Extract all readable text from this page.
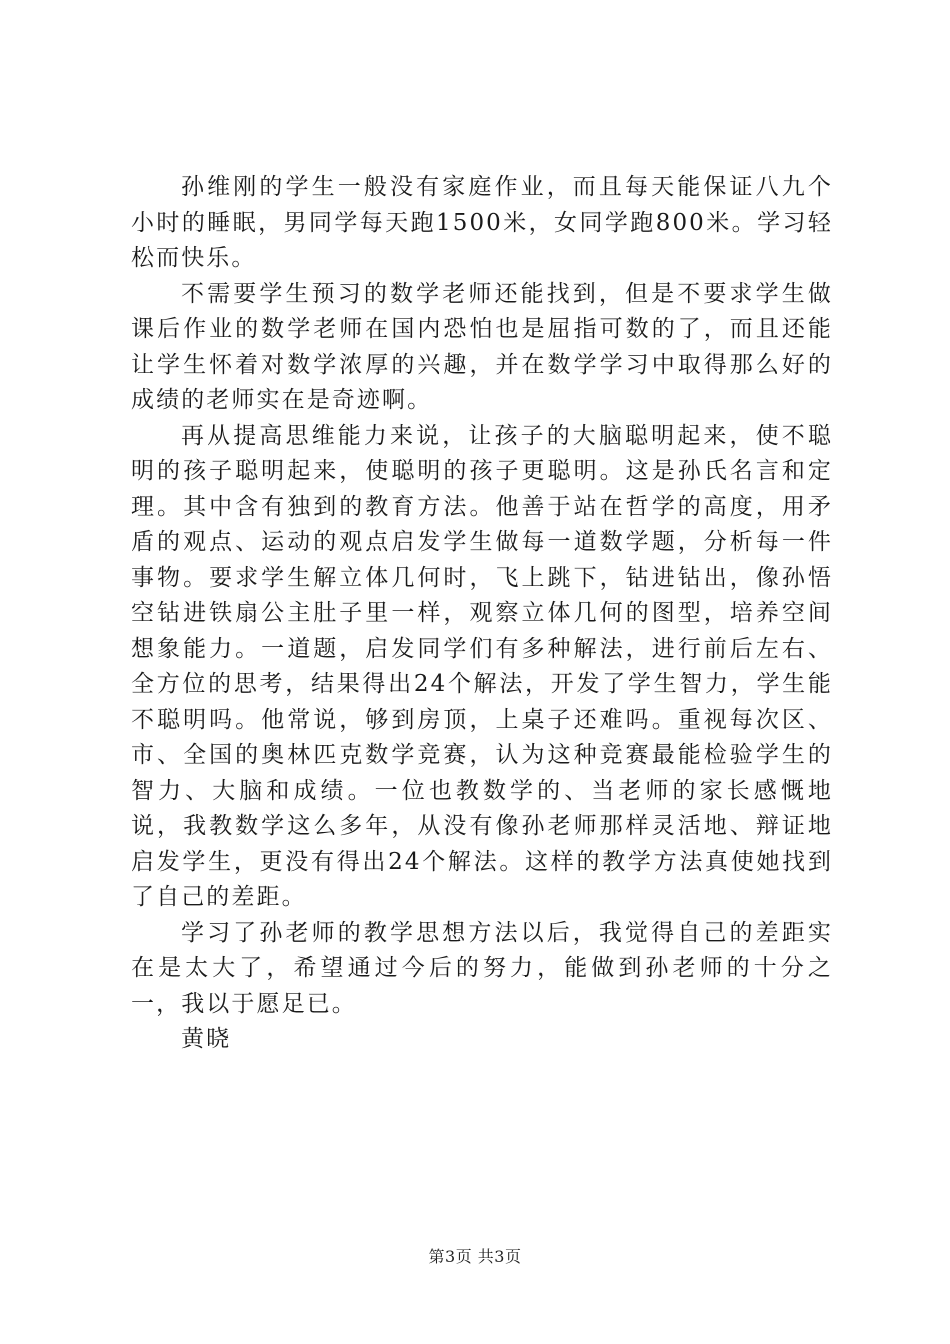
孙维刚的学生一般没有家庭作业，而且每天能保证八九个小时的睡眠，男同学每天跑1500米，女同学跑800米。学习轻松而快乐。

不需要学生预习的数学老师还能找到，但是不要求学生做课后作业的数学老师在国内恐怕也是屈指可数的了，而且还能让学生怀着对数学浓厚的兴趣，并在数学学习中取得那么好的成绩的老师实在是奇迹啊。

再从提高思维能力来说，让孩子的大脑聪明起来，使不聪明的孩子聪明起来，使聪明的孩子更聪明。这是孙氏名言和定理。其中含有独到的教育方法。他善于站在哲学的高度，用矛盾的观点、运动的观点启发学生做每一道数学题，分析每一件事物。要求学生解立体几何时，飞上跳下，钻进钻出，像孙悟空钻进铁扇公主肚子里一样，观察立体几何的图型，培养空间想象能力。一道题，启发同学们有多种解法，进行前后左右、全方位的思考，结果得出24个解法，开发了学生智力，学生能不聪明吗。他常说，够到房顶，上桌子还难吗。重视每次区、市、全国的奥林匹克数学竞赛，认为这种竞赛最能检验学生的智力、大脑和成绩。一位也教数学的、当老师的家长感慨地说，我教数学这么多年，从没有像孙老师那样灵活地、辩证地启发学生，更没有得出24个解法。这样的教学方法真使她找到了自己的差距。

学习了孙老师的教学思想方法以后，我觉得自己的差距实在是太大了，希望通过今后的努力，能做到孙老师的十分之一，我以于愿足已。

黄晓

第3页 共3页
